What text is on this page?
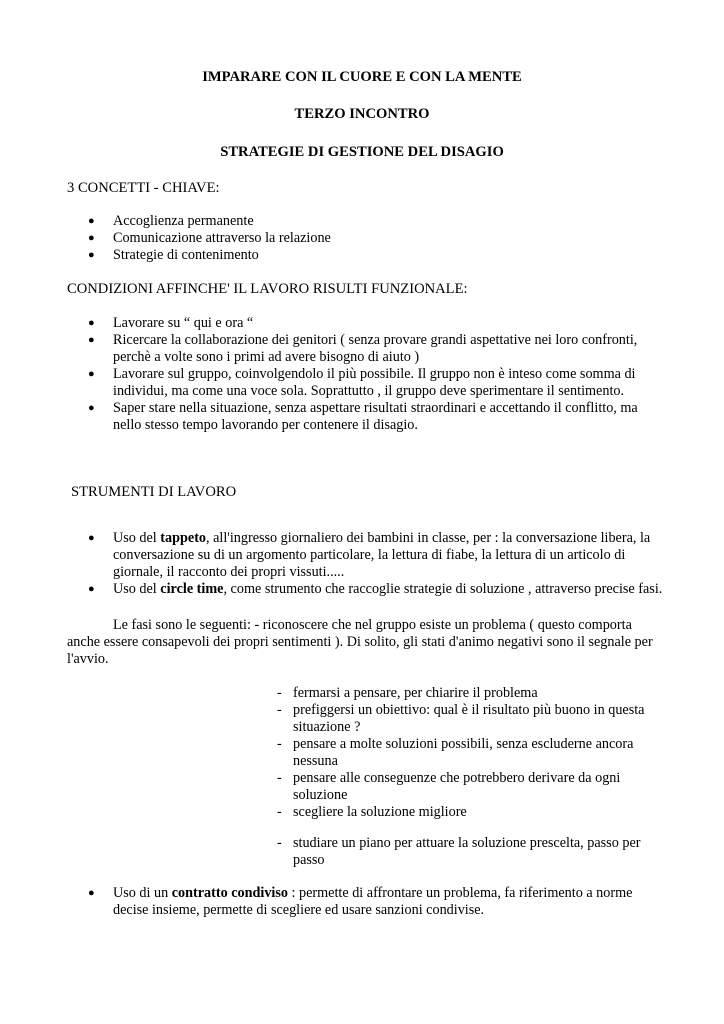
IMPARARE CON IL CUORE E CON LA MENTE
TERZO INCONTRO
STRATEGIE DI GESTIONE DEL DISAGIO
3 CONCETTI - CHIAVE:
● Accoglienza permanente
● Comunicazione attraverso la relazione
● Strategie di contenimento
CONDIZIONI AFFINCHE' IL LAVORO RISULTI FUNZIONALE:
● Lavorare su “ qui e ora “
● Ricercare la collaborazione dei genitori ( senza provare grandi aspettative nei loro confronti, perchè a volte sono i primi ad avere bisogno di aiuto )
● Lavorare sul gruppo, coinvolgendolo il più possibile. Il gruppo non è inteso come somma di individui, ma come una voce sola. Soprattutto , il gruppo deve sperimentare il sentimento.
● Saper stare nella situazione, senza aspettare risultati straordinari e accettando il conflitto, ma nello stesso tempo lavorando per contenere il disagio.
STRUMENTI DI LAVORO
● Uso del tappeto, all'ingresso giornaliero dei bambini in classe, per : la conversazione libera, la conversazione su di un argomento particolare, la lettura di fiabe, la lettura di un articolo di giornale, il racconto dei propri vissuti.....
● Uso del circle time, come strumento che raccoglie strategie di soluzione , attraverso precise fasi.
Le fasi sono le seguenti: - riconoscere che nel gruppo esiste un problema ( questo comporta anche essere consapevoli dei propri sentimenti ). Di solito, gli stati d'animo negativi sono il segnale per l'avvio.
- fermarsi a pensare, per chiarire il problema
- prefiggersi un obiettivo: qual è il risultato più buono in questa situazione ?
- pensare a molte soluzioni possibili, senza escluderne ancora nessuna
- pensare alle conseguenze che potrebbero derivare da ogni soluzione
- scegliere la soluzione migliore
- studiare un piano per attuare la soluzione prescelta, passo per passo
● Uso di un contratto condiviso : permette di affrontare un problema, fa riferimento a norme decise insieme, permette di scegliere ed usare sanzioni condivise.
